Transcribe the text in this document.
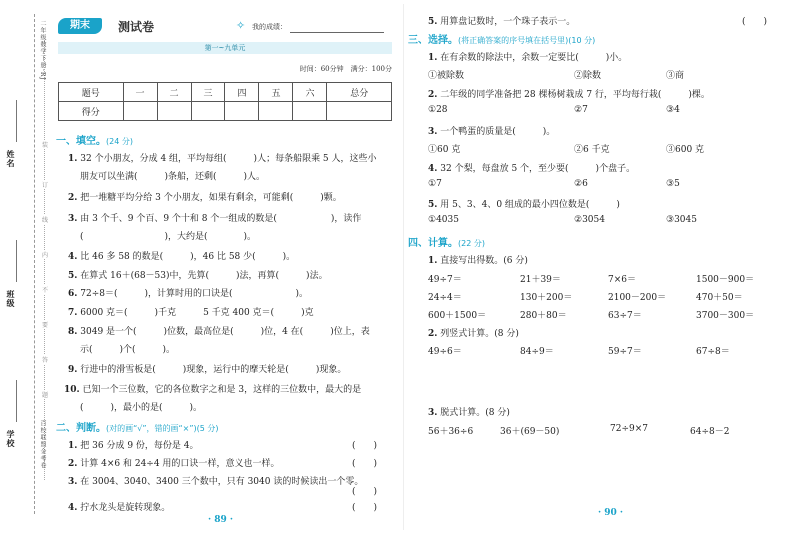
姓名
班级
学校
二年级数学下册·RJ
百校联盟金考卷
装
订
线
内
不
要
答
题
期末	测试卷	✧ 我的成绩：
第一~九单元
时间：60分钟　满分：100分
题号	一	二	三	四	五	六	总分
得分							
一、填空。(24 分)
1. 32 个小朋友，分成 4 组，平均每组(　　　)人；每条船限乘 5 人，这些小
朋友可以坐满(　　　)条船，还剩(　　　)人。
2. 把一堆糖平均分给 3 个小朋友，如果有剩余，可能剩(　　　)颗。
3. 由 3 个千、9 个百、9 个十和 8 个一组成的数是(　　　　　　)，读作
(　　　　　　　　　)，大约是(　　　　)。
4. 比 46 多 58 的数是(　　　)，46 比 58 少(　　　)。
5. 在算式 16＋(68－53)中，先算(　　　)法，再算(　　　)法。
6. 72÷8＝(　　　)，计算时用的口诀是(　　　　　　　)。
7. 6000 克＝(　　　)千克　　　5 千克 400 克＝(　　　)克
8. 3049 是一个(　　　)位数，最高位是(　　　)位，4 在(　　　)位上，表
示(　　　)个(　　　)。
9. 行进中的滑雪板是(　　　)现象，运行中的摩天轮是(　　　)现象。
10. 已知一个三位数，它的各位数字之和是 3，这样的三位数中，最大的是
(　　　)，最小的是(　　　)。
二、判断。(对的画“√”，错的画“×”)(5 分)
1. 把 36 分成 9 份，每份是 4。	(　　)
2. 计算 4×6 和 24÷4 用的口诀一样，意义也一样。	(　　)
3. 在 3004、3040、3400 三个数中，只有 3040 读的时候读出一个零。
(　　)
4. 拧水龙头是旋转现象。	(　　)
· 89 ·
5. 用算盘记数时，一个珠子表示一。	(　　)
三、选择。(将正确答案的序号填在括号里)(10 分)
1. 在有余数的除法中，余数一定要比(　　　)小。
①被除数	②除数	③商
2. 二年级的同学准备把 28 棵杨树栽成 7 行，平均每行栽(　　　)棵。
①28	②7	③4
3. 一个鸭蛋的质量是(　　　)。
①60 克	②6 千克	③600 克
4. 32 个梨，每盘放 5 个，至少要(　　　)个盘子。
①7	②6	③5
5. 用 5、3、4、0 组成的最小四位数是(　　　)
①4035	②3054	③3045
四、计算。(22 分)
1. 直接写出得数。(6 分)
49÷7＝	21＋39＝	7×6＝	1500－900＝
24÷4＝	130＋200＝	2100－200＝	470＋50＝
600＋1500＝	280＋80＝	63÷7＝	3700－300＝
2. 列竖式计算。(8 分)
49÷6＝	84÷9＝	59÷7＝	67÷8＝
3. 脱式计算。(8 分)
56＋36÷6	36＋(69－50)	72÷9×7	64÷8－2
· 90 ·
